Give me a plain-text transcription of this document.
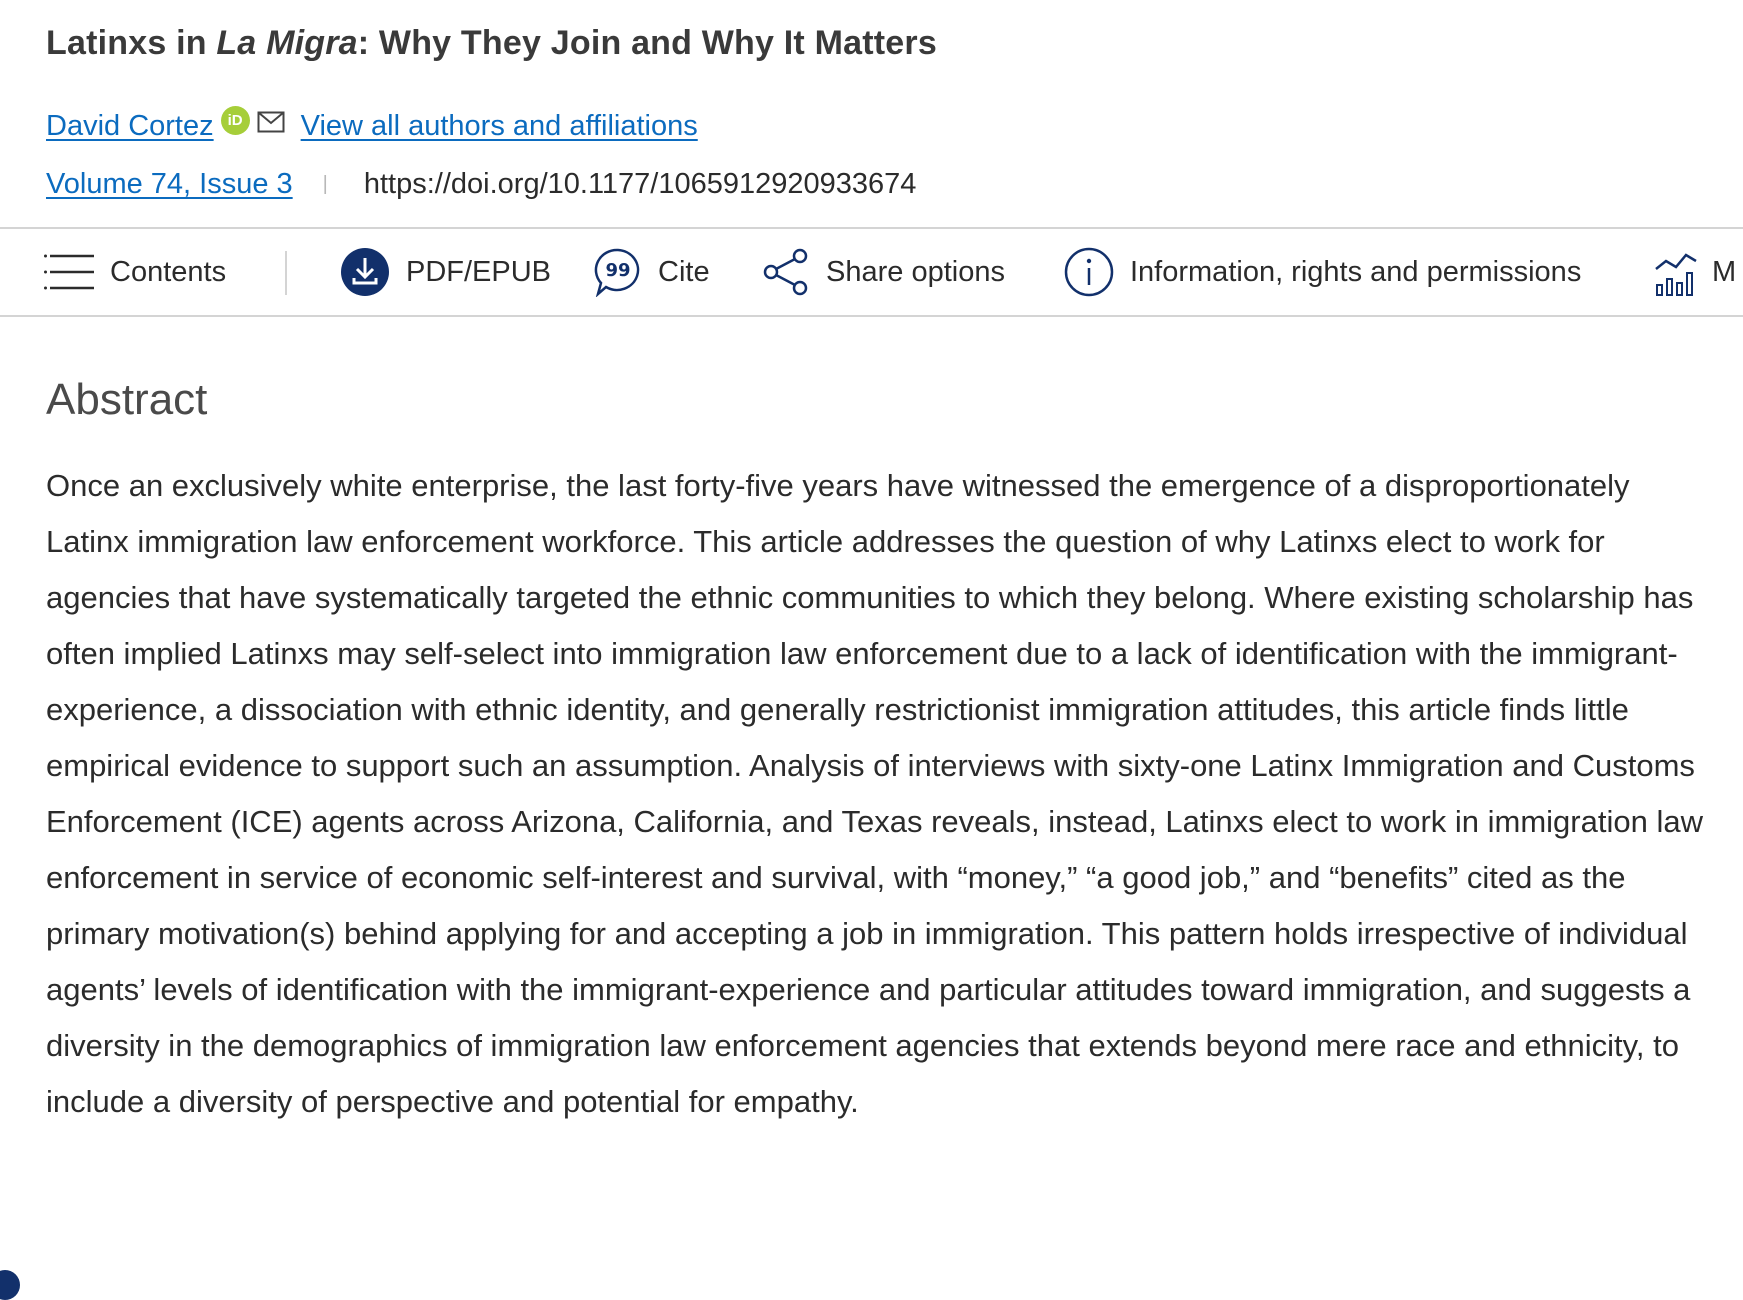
Latinxs in La Migra: Why They Join and Why It Matters
David Cortez iD View all authors and affiliations
Volume 74, Issue 3 | https://doi.org/10.1177/1065912920933674
Contents	PDF/EPUB	99 Cite	Share options	Information, rights and permissions	M
Abstract

Once an exclusively white enterprise, the last forty-five years have witnessed the emergence of a disproportionately Latinx immigration law enforcement workforce. This article addresses the question of why Latinxs elect to work for agencies that have systematically targeted the ethnic communities to which they belong. Where existing scholarship has often implied Latinxs may self-select into immigration law enforcement due to a lack of identification with the immigrant-experience, a dissociation with ethnic identity, and generally restrictionist immigration attitudes, this article finds little empirical evidence to support such an assumption. Analysis of interviews with sixty-one Latinx Immigration and Customs Enforcement (ICE) agents across Arizona, California, and Texas reveals, instead, Latinxs elect to work in immigration law enforcement in service of economic self-interest and survival, with “money,” “a good job,” and “benefits” cited as the primary motivation(s) behind applying for and accepting a job in immigration. This pattern holds irrespective of individual agents’ levels of identification with the immigrant-experience and particular attitudes toward immigration, and suggests a diversity in the demographics of immigration law enforcement agencies that extends beyond mere race and ethnicity, to include a diversity of perspective and potential for empathy.
